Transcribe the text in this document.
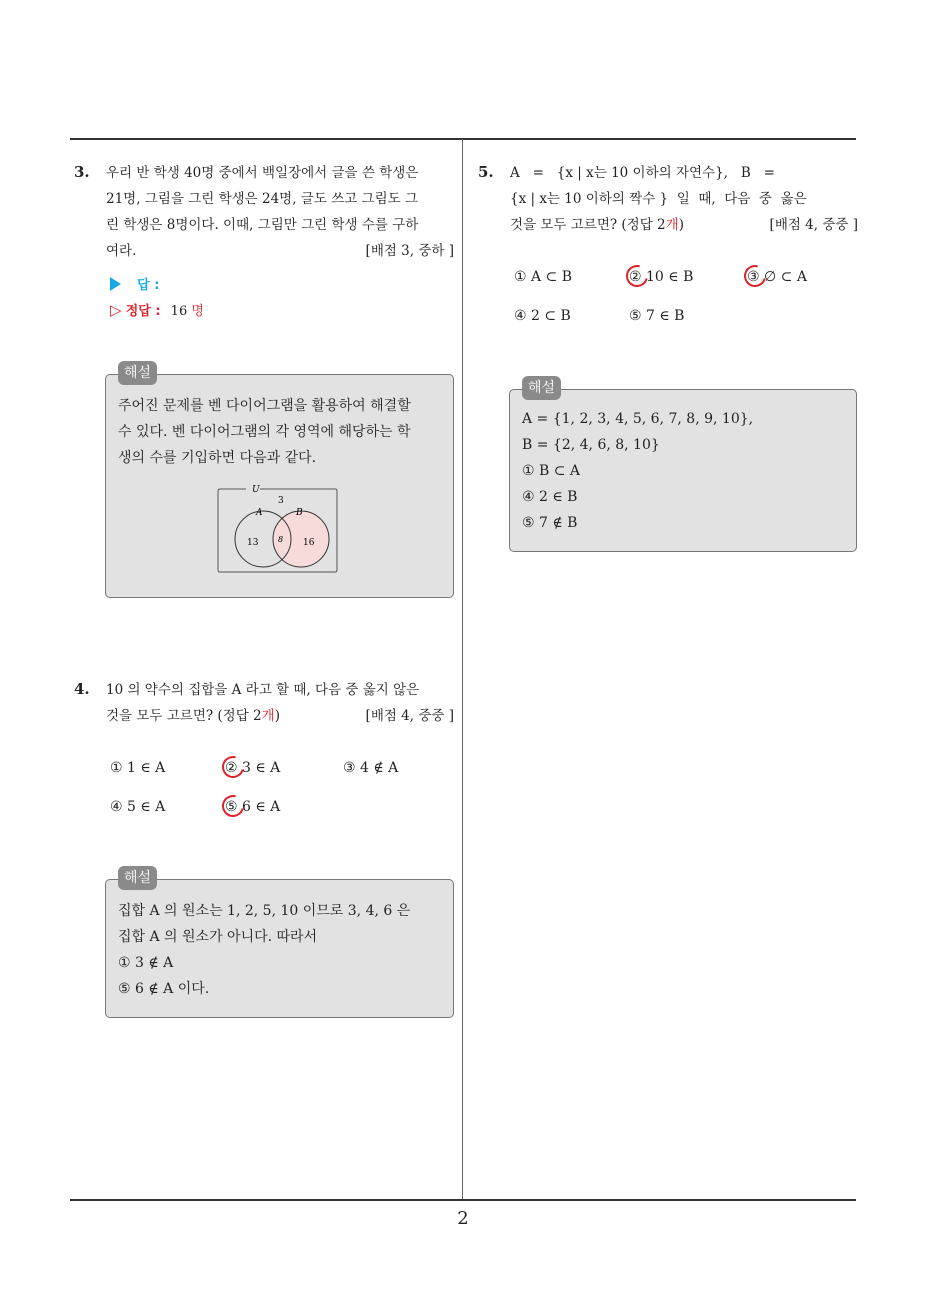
3. 우리 반 학생 40명 중에서 백일장에서 글을 쓴 학생은
21명, 그림을 그린 학생은 24명, 글도 쓰고 그림도 그
린 학생은 8명이다. 이때, 그림만 그린 학생 수를 구하
여라.	[배점 3, 중하 ]
답 :
▷ 정답 : 16 명
해설
주어진 문제를 벤 다이어그램을 활용하여 해결할
수 있다. 벤 다이어그램의 각 영역에 해당하는 학
생의 수를 기입하면 다음과 같다.
U
3
A	B
13 8 16
4. 10 의 약수의 집합을 A 라고 할 때, 다음 중 옳지 않은
것을 모두 고르면? (정답 2개)	[배점 4, 중중 ]
① 1 ∈ A	② 3 ∈ A	③ 4 ∉ A
④ 5 ∈ A	⑤ 6 ∈ A
해설
집합 A 의 원소는 1, 2, 5, 10 이므로 3, 4, 6 은
집합 A 의 원소가 아니다. 따라서
① 3 ∉ A
⑤ 6 ∉ A 이다.
5. A   =   {x | x는 10 이하의 자연수},   B   =
{x | x는 10 이하의 짝수 }  일  때,  다음  중  옳은
것을 모두 고르면? (정답 2개)	[배점 4, 중중 ]
① A ⊂ B	② 10 ∈ B	③ ∅ ⊂ A
④ 2 ⊂ B	⑤ 7 ∈ B
해설
A = {1, 2, 3, 4, 5, 6, 7, 8, 9, 10},
B = {2, 4, 6, 8, 10}
① B ⊂ A
④ 2 ∈ B
⑤ 7 ∉ B
2
